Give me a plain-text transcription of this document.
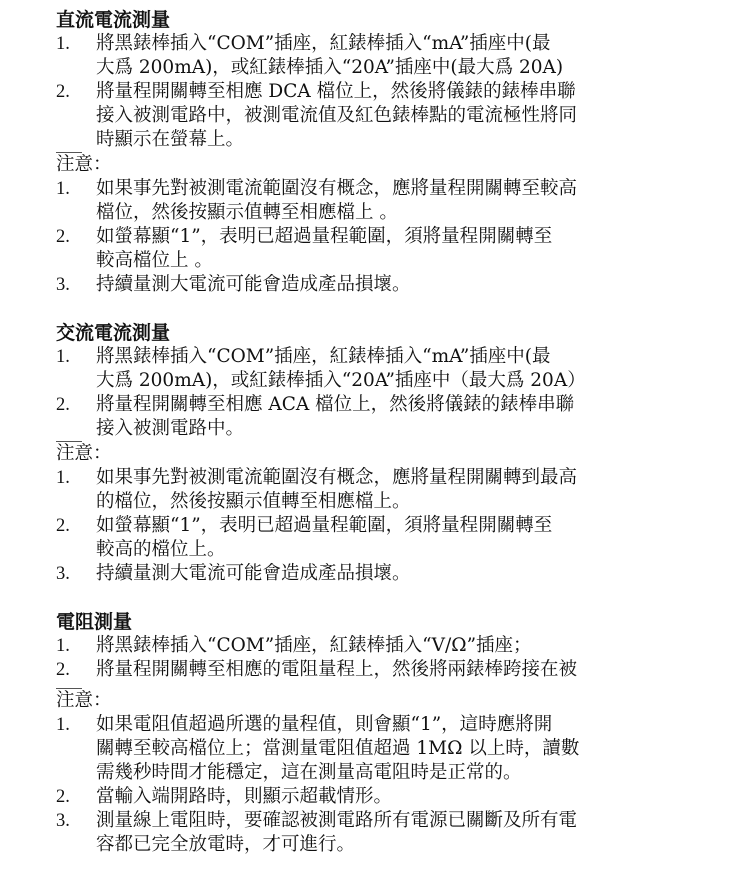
直流電流測量
1.	將黑錶棒插入“COM”插座，紅錶棒插入“mA”插座中(最
大爲 200mA)，或紅錶棒插入“20A”插座中(最大爲 20A)
2.	將量程開關轉至相應 DCA 檔位上，然後將儀錶的錶棒串聯
接入被測電路中，被測電流值及紅色錶棒點的電流極性將同
時顯示在螢幕上。
注意：
1.	如果事先對被測電流範圍沒有概念，應將量程開關轉至較高
檔位，然後按顯示值轉至相應檔上 。
2.	如螢幕顯“1”，表明已超過量程範圍，須將量程開關轉至
較高檔位上 。
3.	持續量測大電流可能會造成產品損壞。
交流電流測量
1.	將黑錶棒插入“COM”插座，紅錶棒插入“mA”插座中(最
大爲 200mA)，或紅錶棒插入“20A”插座中（最大爲 20A）
2.	將量程開關轉至相應 ACA 檔位上，然後將儀錶的錶棒串聯
接入被測電路中。
注意：
1.	如果事先對被測電流範圍沒有概念，應將量程開關轉到最高
的檔位，然後按顯示值轉至相應檔上。
2.	如螢幕顯“1”，表明已超過量程範圍，須將量程開關轉至
較高的檔位上。
3.	持續量測大電流可能會造成產品損壞。
電阻測量
1.	將黑錶棒插入“COM”插座，紅錶棒插入“V/Ω”插座；
2.	將量程開關轉至相應的電阻量程上，然後將兩錶棒跨接在被
注意：
1.	如果電阻值超過所選的量程值，則會顯“1”，這時應將開
關轉至較高檔位上；當測量電阻值超過 1MΩ 以上時，讀數
需幾秒時間才能穩定，這在測量高電阻時是正常的。
2.	當輸入端開路時，則顯示超載情形。
3.	測量線上電阻時，要確認被測電路所有電源已關斷及所有電
容都已完全放電時，才可進行。
